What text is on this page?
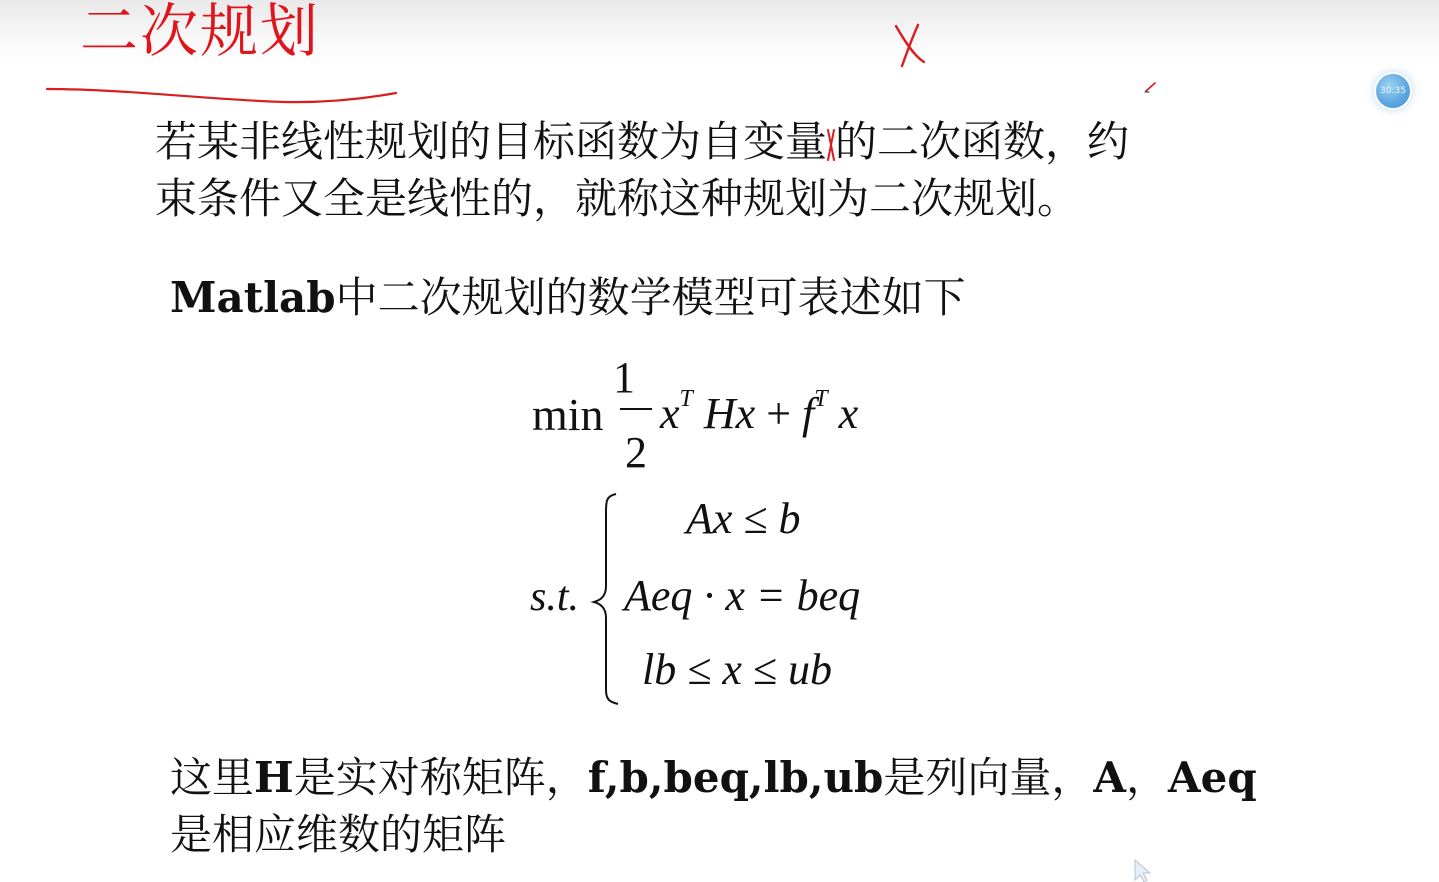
二次规划
30:35
若某非线性规划的目标函数为自变量 的二次函数，约
束条件又全是线性的，就称这种规划为二次规划。
Matlab中二次规划的数学模型可表述如下
min
1
2
$x^T$ $Hx + f^T$ x
s.t.
Ax ≤ b
Aeq · x = beq
lb ≤ x ≤ ub
这里H是实对称矩阵，f,b,beq,lb,ub是列向量，A，Aeq
是相应维数的矩阵
